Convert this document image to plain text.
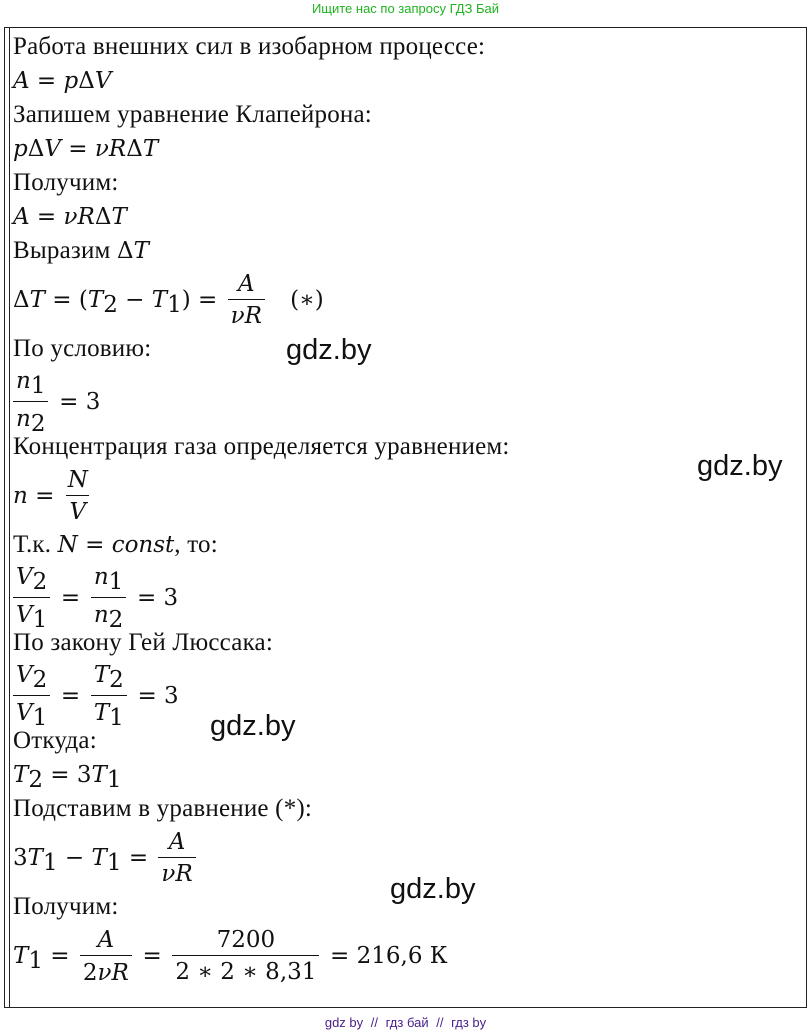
Ищите нас по запросу ГДЗ Бай
Работа внешних сил в изобарном процессе:
A = pΔV
Запишем уравнение Клапейрона:
pΔV = νRΔT
Получим:
A = νRΔT
Выразим ΔT
$\Delta T = (T_2 - T_1) = \frac{A}{\nu R}$ (∗)
По условию:
$\frac{n_1}{n_2} = 3$
Концентрация газа определяется уравнением:
$n = \frac{N}{V}$
Т.к. N = const, то:
$\frac{V_2}{V_1} = \frac{n_1}{n_2} = 3$
По закону Гей Люссака:
$\frac{V_2}{V_1} = \frac{T_2}{T_1} = 3$
Откуда:
$T_2 = 3T_1$
Подставим в уравнение (*):
$3T_1 - T_1 = \frac{A}{\nu R}$
Получим:
$T_1 = \frac{A}{2\nu R} = \frac{7200}{2 ∗ 2 ∗ 8,31} = 216,6$ К
gdz.by
gdz.by
gdz.by
gdz.by
gdz by // гдз бай // гдз by
